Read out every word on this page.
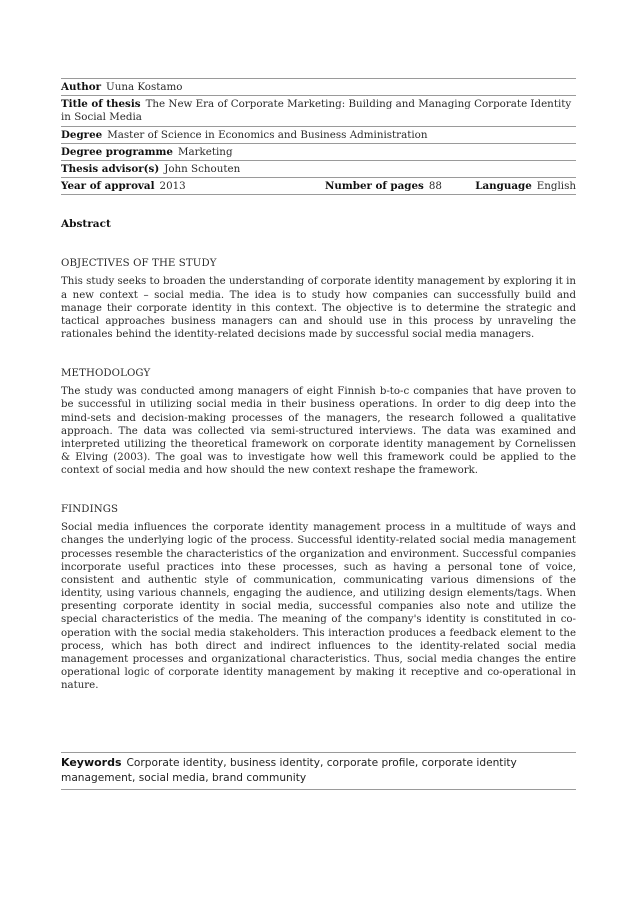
Author Uuna Kostamo
Title of thesis The New Era of Corporate Marketing: Building and Managing Corporate Identity in Social Media
Degree Master of Science in Economics and Business Administration
Degree programme Marketing
Thesis advisor(s) John Schouten
Year of approval 2013	Number of pages 88	Language English
Abstract
OBJECTIVES OF THE STUDY
This study seeks to broaden the understanding of corporate identity management by exploring it in a new context – social media. The idea is to study how companies can successfully build and manage their corporate identity in this context. The objective is to determine the strategic and tactical approaches business managers can and should use in this process by unraveling the rationales behind the identity-related decisions made by successful social media managers.
METHODOLOGY
The study was conducted among managers of eight Finnish b-to-c companies that have proven to be successful in utilizing social media in their business operations. In order to dig deep into the mind-sets and decision-making processes of the managers, the research followed a qualitative approach. The data was collected via semi-structured interviews. The data was examined and interpreted utilizing the theoretical framework on corporate identity management by Cornelissen & Elving (2003). The goal was to investigate how well this framework could be applied to the context of social media and how should the new context reshape the framework.
FINDINGS
Social media influences the corporate identity management process in a multitude of ways and changes the underlying logic of the process. Successful identity-related social media management processes resemble the characteristics of the organization and environment. Successful companies incorporate useful practices into these processes, such as having a personal tone of voice, consistent and authentic style of communication, communicating various dimensions of the identity, using various channels, engaging the audience, and utilizing design elements/tags. When presenting corporate identity in social media, successful companies also note and utilize the special characteristics of the media. The meaning of the company's identity is constituted in co-operation with the social media stakeholders. This interaction produces a feedback element to the process, which has both direct and indirect influences to the identity-related social media management processes and organizational characteristics. Thus, social media changes the entire operational logic of corporate identity management by making it receptive and co-operational in nature.
Keywords Corporate identity, business identity, corporate profile, corporate identity management, social media, brand community
